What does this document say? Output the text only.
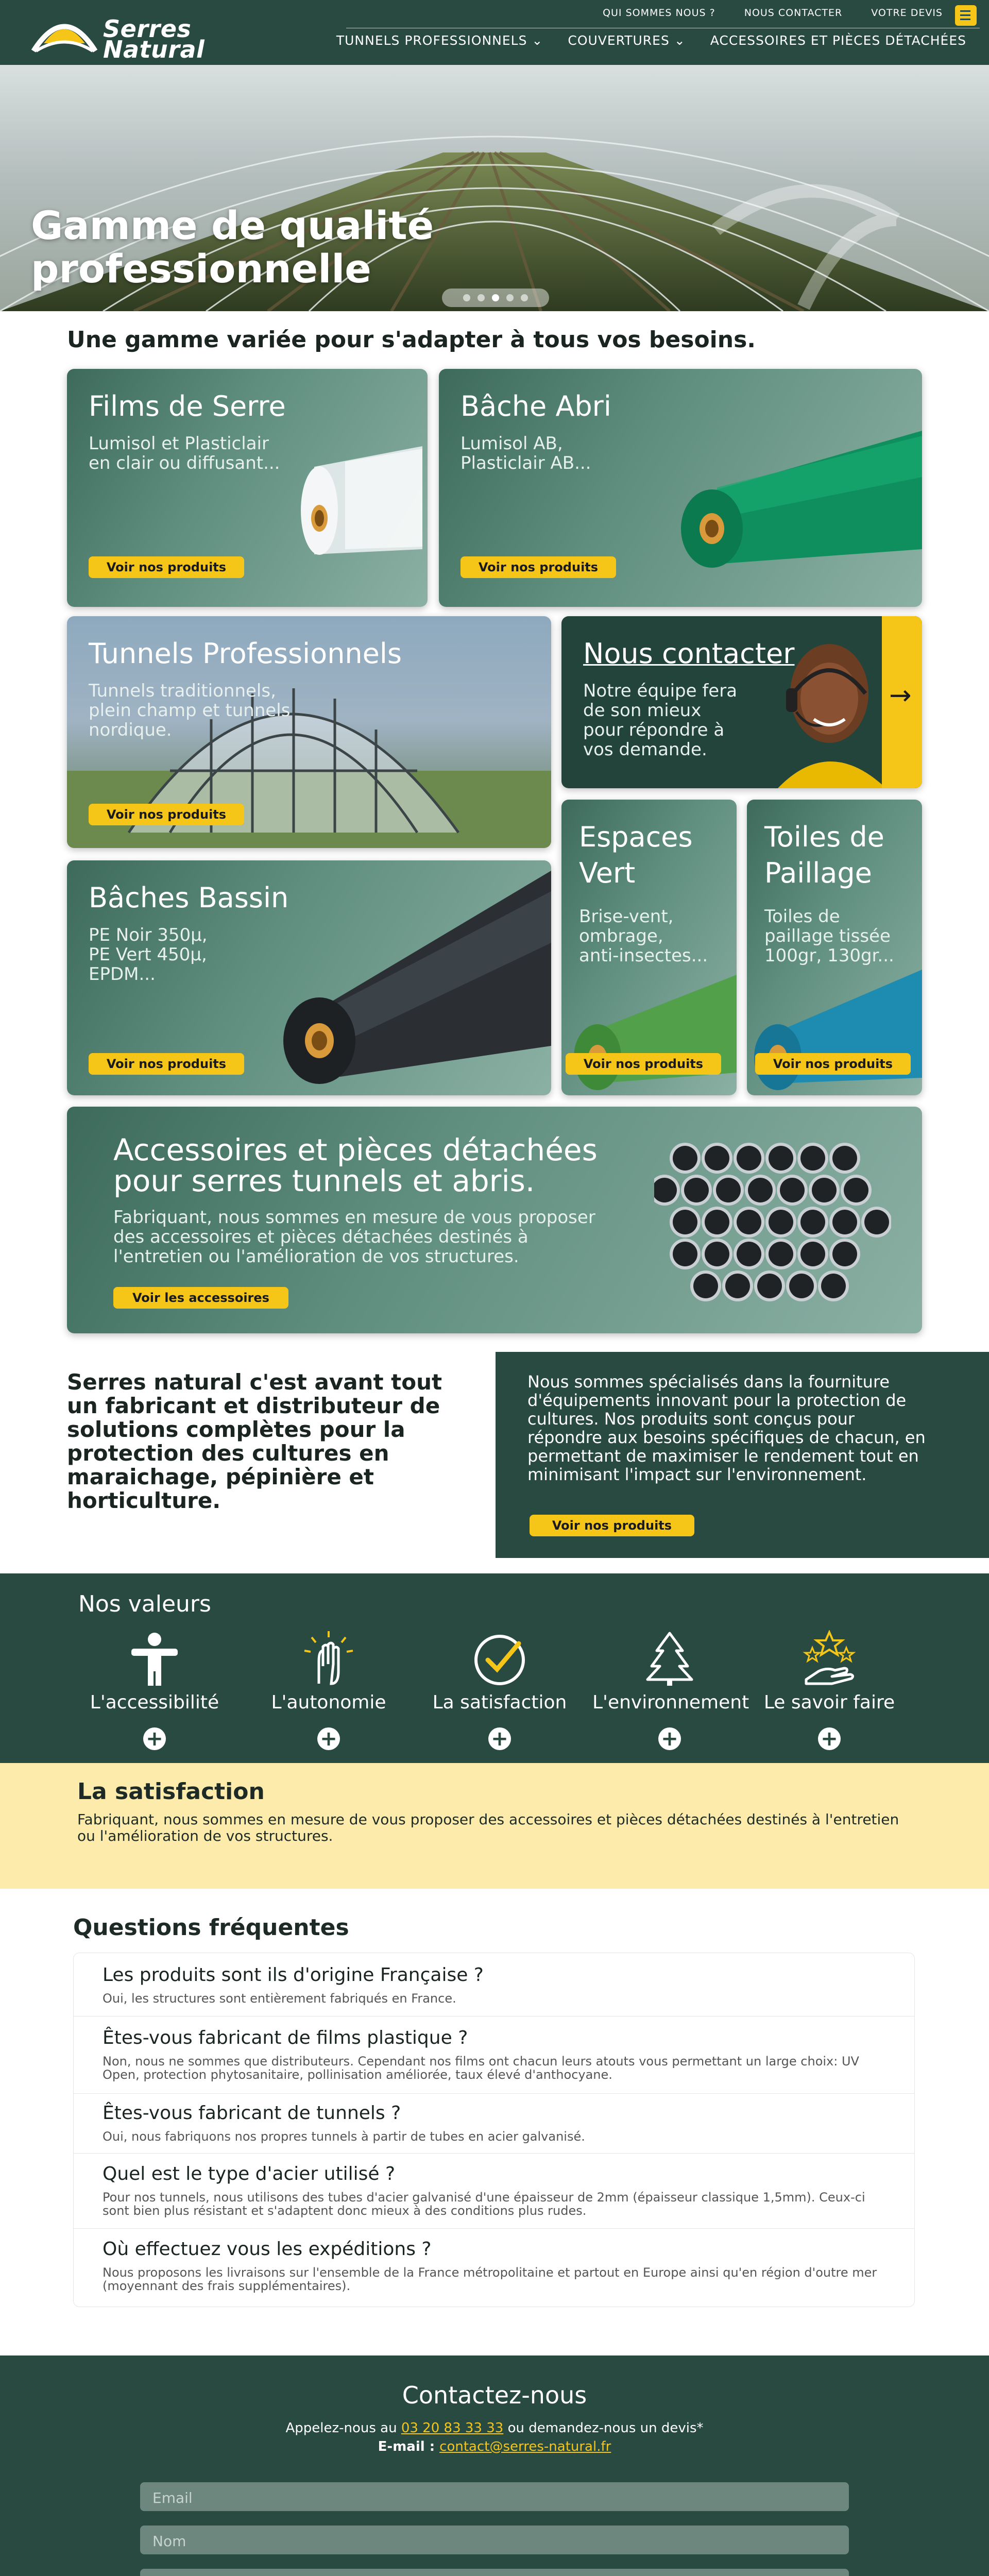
Serres
Natural
QUI SOMMES NOUS ?	NOUS CONTACTER	VOTRE DEVIS
TUNNELS PROFESSIONNELS ⌄ COUVERTURES ⌄ ACCESSOIRES ET PIÈCES DÉTACHÉES
Gamme de qualité
professionnelle
Une gamme variée pour s'adapter à tous vos besoins.
Films de Serre
Lumisol et Plasticlair
en clair ou diffusant...
Voir nos produits
Bâche Abri
Lumisol AB,
Plasticlair AB...
Voir nos produits
Tunnels Professionnels
Tunnels traditionnels,
plein champ et tunnels
nordique.
Voir nos produits
Nous contacter
Notre équipe fera
de son mieux
pour répondre à
vos demande.
→
Bâches Bassin
PE Noir 350µ,
PE Vert 450µ,
EPDM...
Voir nos produits
Espaces
Vert
Brise-vent,
ombrage,
anti-insectes...
Voir nos produits
Toiles de
Paillage
Toiles de
paillage tissée
100gr, 130gr...
Voir nos produits
Accessoires et pièces détachées
pour serres tunnels et abris.
Fabriquant, nous sommes en mesure de vous proposer
des accessoires et pièces détachées destinés à
l'entretien ou l'amélioration de vos structures.
Voir les accessoires
Serres natural c'est avant tout un fabricant et distributeur de solutions complètes pour la protection des cultures en maraichage, pépinière et horticulture.

Nous sommes spécialisés dans la fourniture d'équipements innovant pour la protection de cultures. Nos produits sont conçus pour répondre aux besoins spécifiques de chacun, en permettant de maximiser le rendement tout en minimisant l'impact sur l'environnement.

Voir nos produits
Nos valeurs
L'accessibilité
+
L'autonomie
+
La satisfaction
+
L'environnement
+
Le savoir faire
+
La satisfaction

Fabriquant, nous sommes en mesure de vous proposer des accessoires et pièces détachées destinés à l'entretien ou l'amélioration de vos structures.

Questions fréquentes
Les produits sont ils d'origine Française ?
Oui, les structures sont entièrement fabriqués en France.
Êtes-vous fabricant de films plastique ?
Non, nous ne sommes que distributeurs. Cependant nos films ont chacun leurs atouts vous permettant un large choix: UV Open, protection phytosanitaire, pollinisation améliorée, taux élevé d'anthocyane.
Êtes-vous fabricant de tunnels ?
Oui, nous fabriquons nos propres tunnels à partir de tubes en acier galvanisé.
Quel est le type d'acier utilisé ?
Pour nos tunnels, nous utilisons des tubes d'acier galvanisé d'une épaisseur de 2mm (épaisseur classique 1,5mm). Ceux-ci sont bien plus résistant et s'adaptent donc mieux à des conditions plus rudes.
Où effectuez vous les expéditions ?
Nous proposons les livraisons sur l'ensemble de la France métropolitaine et partout en Europe ainsi qu'en région d'outre mer (moyennant des frais supplémentaires).
Contactez-nous
Appelez-nous au 03 20 83 33 33 ou demandez-nous un devis*
E-mail : contact@serres-natural.fr
Email
Nom
